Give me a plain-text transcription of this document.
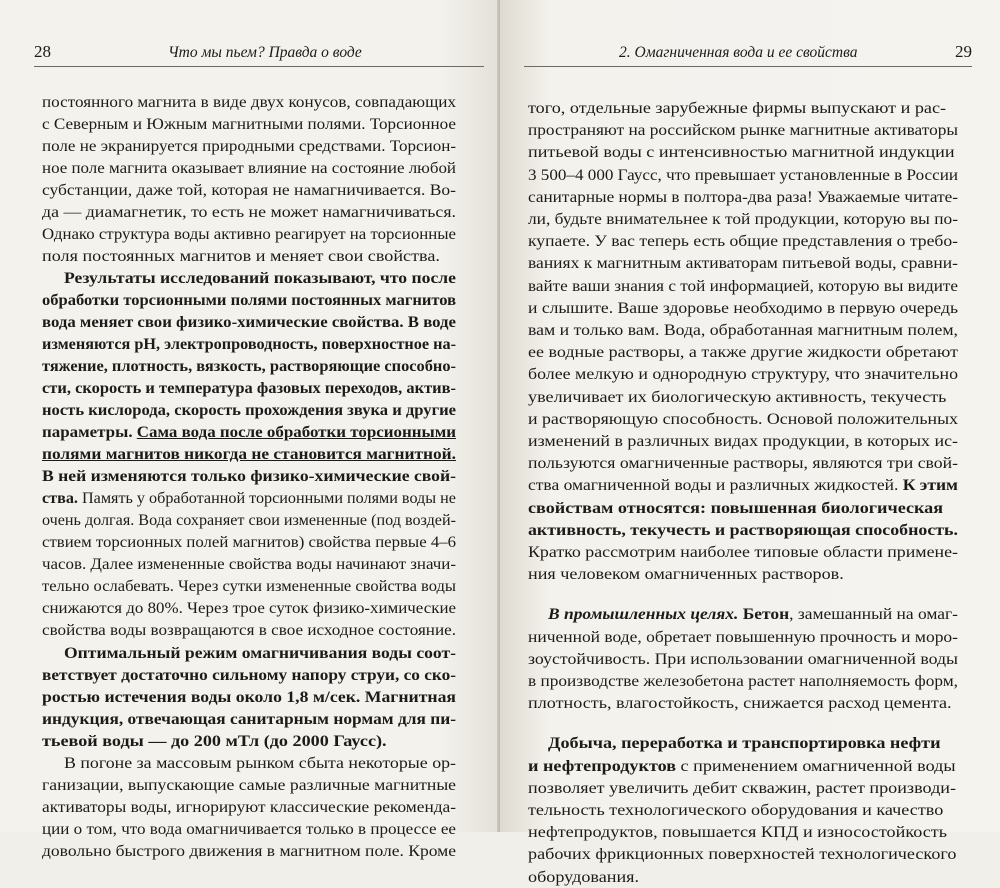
28	Что мы пьем? Правда о воде
постоянного магнита в виде двух конусов, совпадающих
с Северным и Южным магнитными полями. Торсионное
поле не экранируется природными средствами. Торсион-
ное поле магнита оказывает влияние на состояние любой
субстанции, даже той, которая не намагничивается. Во-
да — диамагнетик, то есть не может намагничиваться.
Однако структура воды активно реагирует на торсионные
поля постоянных магнитов и меняет свои свойства.
Результаты исследований показывают, что после
обработки торсионными полями постоянных магнитов
вода меняет свои физико-химические свойства. В воде
изменяются pH, электропроводность, поверхностное на-
тяжение, плотность, вязкость, растворяющие способно-
сти, скорость и температура фазовых переходов, актив-
ность кислорода, скорость прохождения звука и другие
параметры. Сама вода после обработки торсионными
полями магнитов никогда не становится магнитной.
В ней изменяются только физико-химические свой-
ства. Память у обработанной торсионными полями воды не
очень долгая. Вода сохраняет свои измененные (под воздей-
ствием торсионных полей магнитов) свойства первые 4–6
часов. Далее измененные свойства воды начинают значи-
тельно ослабевать. Через сутки измененные свойства воды
снижаются до 80%. Через трое суток физико-химические
свойства воды возвращаются в свое исходное состояние.
Оптимальный режим омагничивания воды соот-
ветствует достаточно сильному напору струи, со ско-
ростью истечения воды около 1,8 м/сек. Магнитная
индукция, отвечающая санитарным нормам для пи-
тьевой воды — до 200 мТл (до 2000 Гаусс).
В погоне за массовым рынком сбыта некоторые ор-
ганизации, выпускающие самые различные магнитные
активаторы воды, игнорируют классические рекоменда-
ции о том, что вода омагничивается только в процессе ее
довольно быстрого движения в магнитном поле. Кроме
2. Омагниченная вода и ее свойства	29
того, отдельные зарубежные фирмы выпускают и рас-
пространяют на российском рынке магнитные активаторы
питьевой воды с интенсивностью магнитной индукции
3 500–4 000 Гаусс, что превышает установленные в России
санитарные нормы в полтора-два раза! Уважаемые читате-
ли, будьте внимательнее к той продукции, которую вы по-
купаете. У вас теперь есть общие представления о требо-
ваниях к магнитным активаторам питьевой воды, сравни-
вайте ваши знания с той информацией, которую вы видите
и слышите. Ваше здоровье необходимо в первую очередь
вам и только вам. Вода, обработанная магнитным полем,
ее водные растворы, а также другие жидкости обретают
более мелкую и однородную структуру, что значительно
увеличивает их биологическую активность, текучесть
и растворяющую способность. Основой положительных
изменений в различных видах продукции, в которых ис-
пользуются омагниченные растворы, являются три свой-
ства омагниченной воды и различных жидкостей. К этим
свойствам относятся: повышенная биологическая
активность, текучесть и растворяющая способность.
Кратко рассмотрим наиболее типовые области примене-
ния человеком омагниченных растворов.
В промышленных целях. Бетон, замешанный на омаг-
ниченной воде, обретает повышенную прочность и моро-
зоустойчивость. При использовании омагниченной воды
в производстве железобетона растет наполняемость форм,
плотность, влагостойкость, снижается расход цемента.
Добыча, переработка и транспортировка нефти
и нефтепродуктов с применением омагниченной воды
позволяет увеличить дебит скважин, растет производи-
тельность технологического оборудования и качество
нефтепродуктов, повышается КПД и износостойкость
рабочих фрикционных поверхностей технологического
оборудования.
